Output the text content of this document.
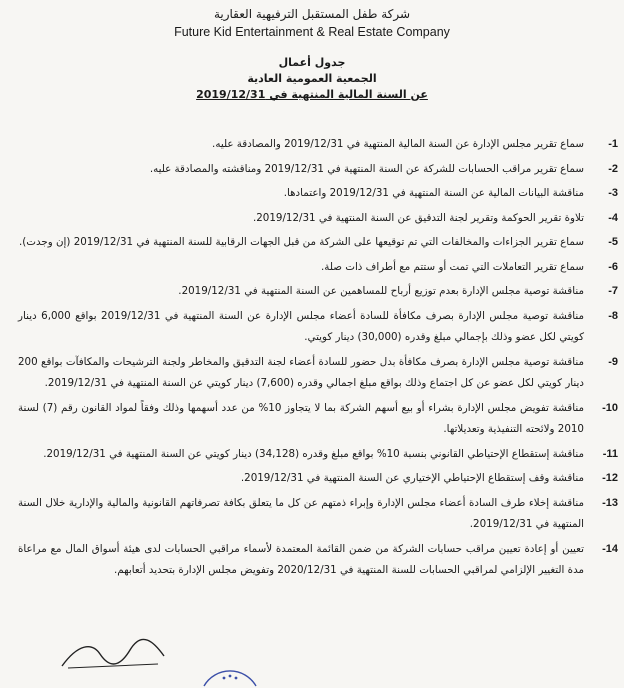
شركة طفل المستقبل الترفيهية العقارية
Future Kid Entertainment & Real Estate Company
جدول أعمال
الجمعية العمومية العادية
عن السنة المالية المنتهية في 2019/12/31
-1
سماع تقرير مجلس الإدارة عن السنة المالية المنتهية في 2019/12/31 والمصادقة عليه.
-2
سماع تقرير مراقب الحسابات للشركة عن السنة المنتهية في 2019/12/31 ومناقشته والمصادقة عليه.
-3
مناقشة البيانات المالية عن السنة المنتهية في 2019/12/31 واعتمادها.
-4
تلاوة تقرير الحوكمة وتقرير لجنة التدقيق عن السنة المنتهية في 2019/12/31.
-5
سماع تقرير الجزاءات والمخالفات التي تم توقيعها على الشركة من قبل الجهات الرقابية للسنة المنتهية في 2019/12/31 (إن وجدت).
-6
سماع تقرير التعاملات التي تمت أو ستتم مع أطراف ذات صلة.
-7
مناقشة توصية مجلس الإدارة بعدم توزيع أرباح للمساهمين عن السنة المنتهية في 2019/12/31.
-8
مناقشة توصية مجلس الإدارة بصرف مكافأة للسادة أعضاء مجلس الإدارة عن السنة المنتهية في 2019/12/31 بواقع 6,000 دينار كويتي لكل عضو وذلك بإجمالي مبلغ وقدره (30,000) دينار كويتي.
-9
مناقشة توصية مجلس الإدارة بصرف مكافأة بدل حضور للسادة أعضاء لجنة التدقيق والمخاطر ولجنة الترشيحات والمكافآت بواقع 200 دينار كويتي لكل عضو عن كل اجتماع وذلك بواقع مبلغ اجمالي وقدره (7,600) دينار كويتي عن السنة المنتهية في 2019/12/31.
-10
مناقشة تفويض مجلس الإدارة بشراء أو بيع أسهم الشركة بما لا يتجاوز 10% من عدد أسهمها وذلك وفقاً لمواد القانون رقم (7) لسنة 2010 ولائحته التنفيذية وتعديلاتها.
-11
مناقشة إستقطاع الإحتياطي القانوني بنسبة 10% بواقع مبلغ وقدره (34,128) دينار كويتي عن السنة المنتهية في 2019/12/31.
-12
مناقشة وقف إستقطاع الإحتياطي الإختياري عن السنة المنتهية في 2019/12/31.
-13
مناقشة إخلاء طرف السادة أعضاء مجلس الإدارة وإبراء ذمتهم عن كل ما يتعلق بكافة تصرفاتهم القانونية والمالية والإدارية خلال السنة المنتهية في 2019/12/31.
-14
تعيين أو إعادة تعيين مراقب حسابات الشركة من ضمن القائمة المعتمدة لأسماء مراقبي الحسابات لدى هيئة أسواق المال مع مراعاة مدة التغيير الإلزامي لمراقبي الحسابات للسنة المنتهية في 2020/12/31 وتفويض مجلس الإدارة بتحديد أتعابهم.
